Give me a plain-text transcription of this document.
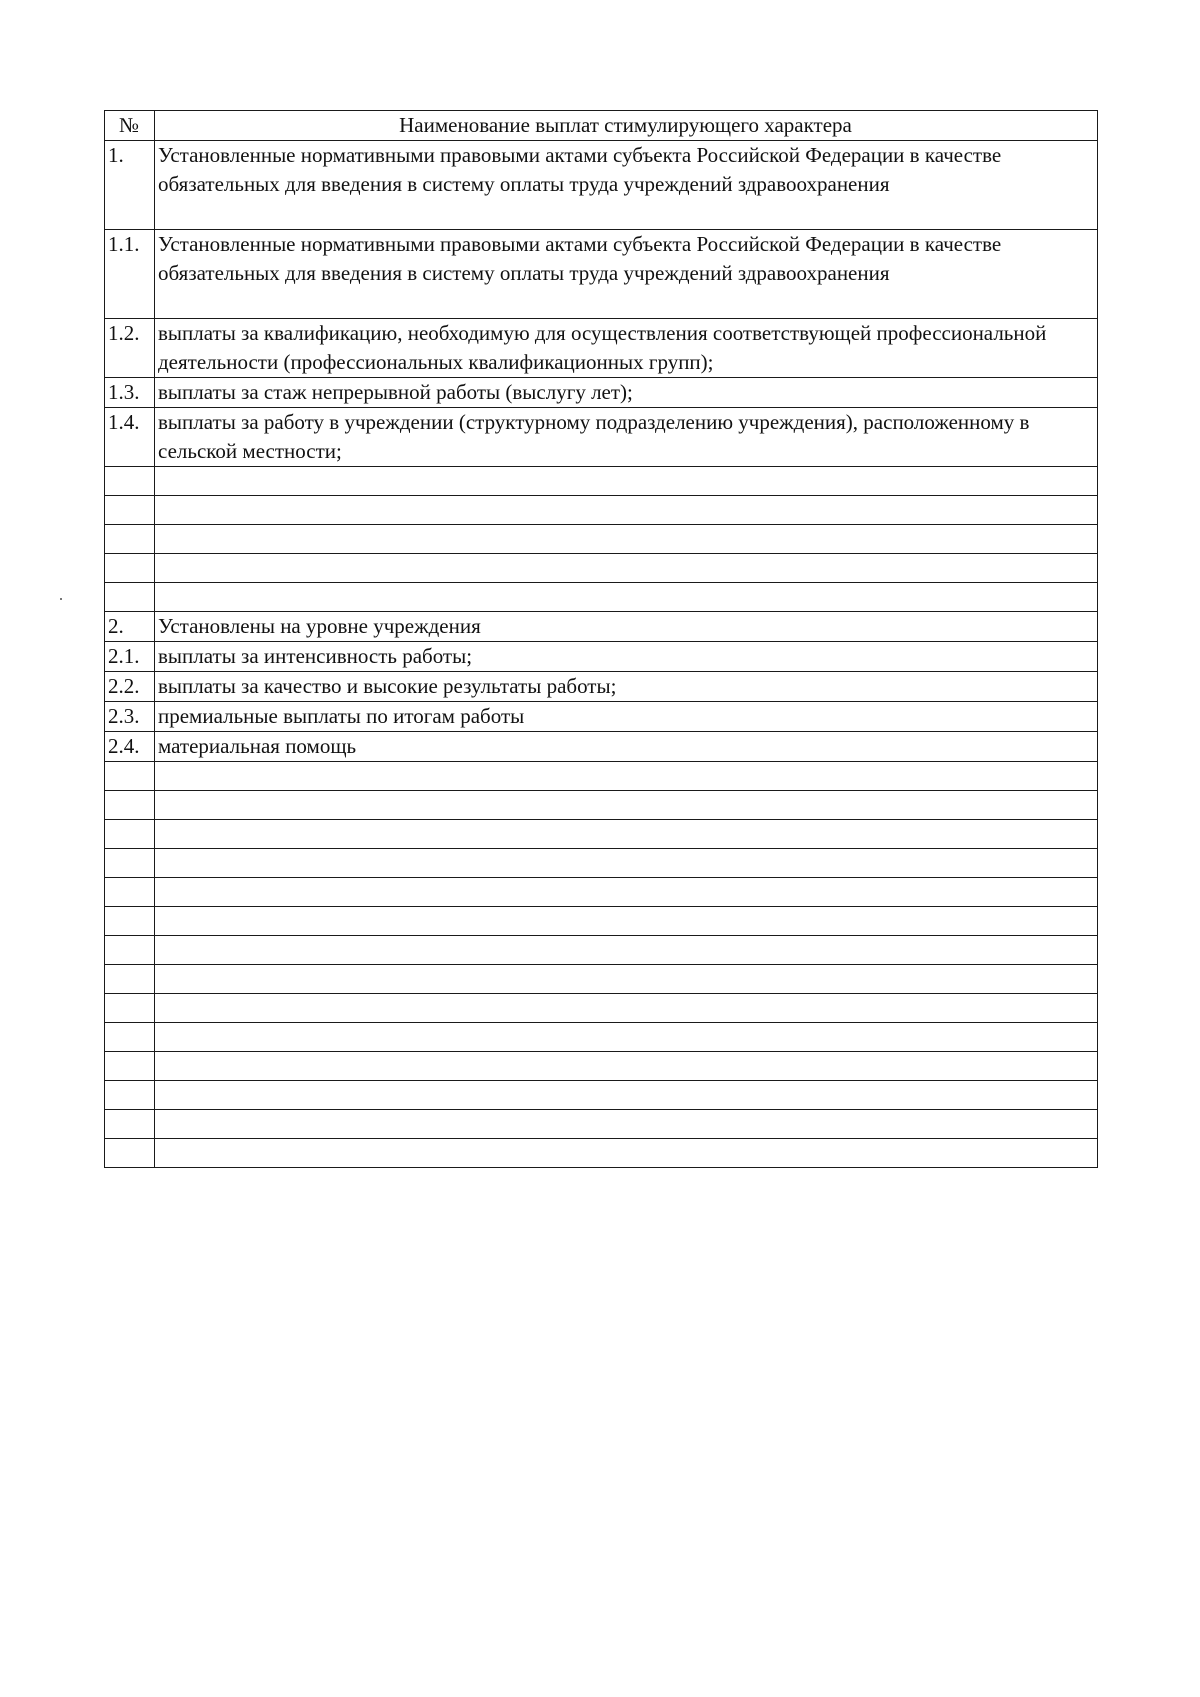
№	Наименование выплат стимулирующего характера
1.	Установленные нормативными правовыми актами субъекта Российской Федерации в качестве обязательных для введения в систему оплаты труда учреждений здравоохранения
1.1.	Установленные нормативными правовыми актами субъекта Российской Федерации в качестве обязательных для введения в систему оплаты труда учреждений здравоохранения
1.2.	выплаты за квалификацию, необходимую для осуществления соответствующей профессиональной деятельности (профессиональных квалификационных групп);
1.3.	выплаты за стаж непрерывной работы (выслугу лет);
1.4.	выплаты за работу в учреждении (структурному подразделению учреждения), расположенному в сельской местности;

2.	Установлены на уровне учреждения
2.1.	выплаты за интенсивность работы;
2.2.	выплаты за качество и высокие результаты работы;
2.3.	премиальные выплаты по итогам работы
2.4.	материальная помощь
